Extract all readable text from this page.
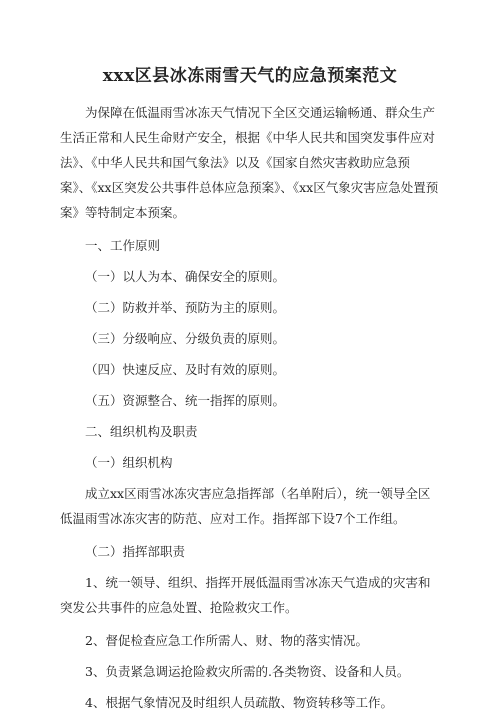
xxx区县冰冻雨雪天气的应急预案范文

为保障在低温雨雪冰冻天气情况下全区交通运输畅通、群众生产生活正常和人民生命财产安全，根据《中华人民共和国突发事件应对法》、《中华人民共和国气象法》以及《国家自然灾害救助应急预案》、《xx区突发公共事件总体应急预案》、《xx区气象灾害应急处置预案》等特制定本预案。

一、工作原则
（一）以人为本、确保安全的原则。
（二）防救并举、预防为主的原则。
（三）分级响应、分级负责的原则。
（四）快速反应、及时有效的原则。
（五）资源整合、统一指挥的原则。
二、组织机构及职责
（一）组织机构

成立xx区雨雪冰冻灾害应急指挥部（名单附后），统一领导全区低温雨雪冰冻灾害的防范、应对工作。指挥部下设7个工作组。

（二）指挥部职责

1、统一领导、组织、指挥开展低温雨雪冰冻天气造成的灾害和突发公共事件的应急处置、抢险救灾工作。

2、督促检查应急工作所需人、财、物的落实情况。
3、负责紧急调运抢险救灾所需的.各类物资、设备和人员。
4、根据气象情况及时组织人员疏散、物资转移等工作。
